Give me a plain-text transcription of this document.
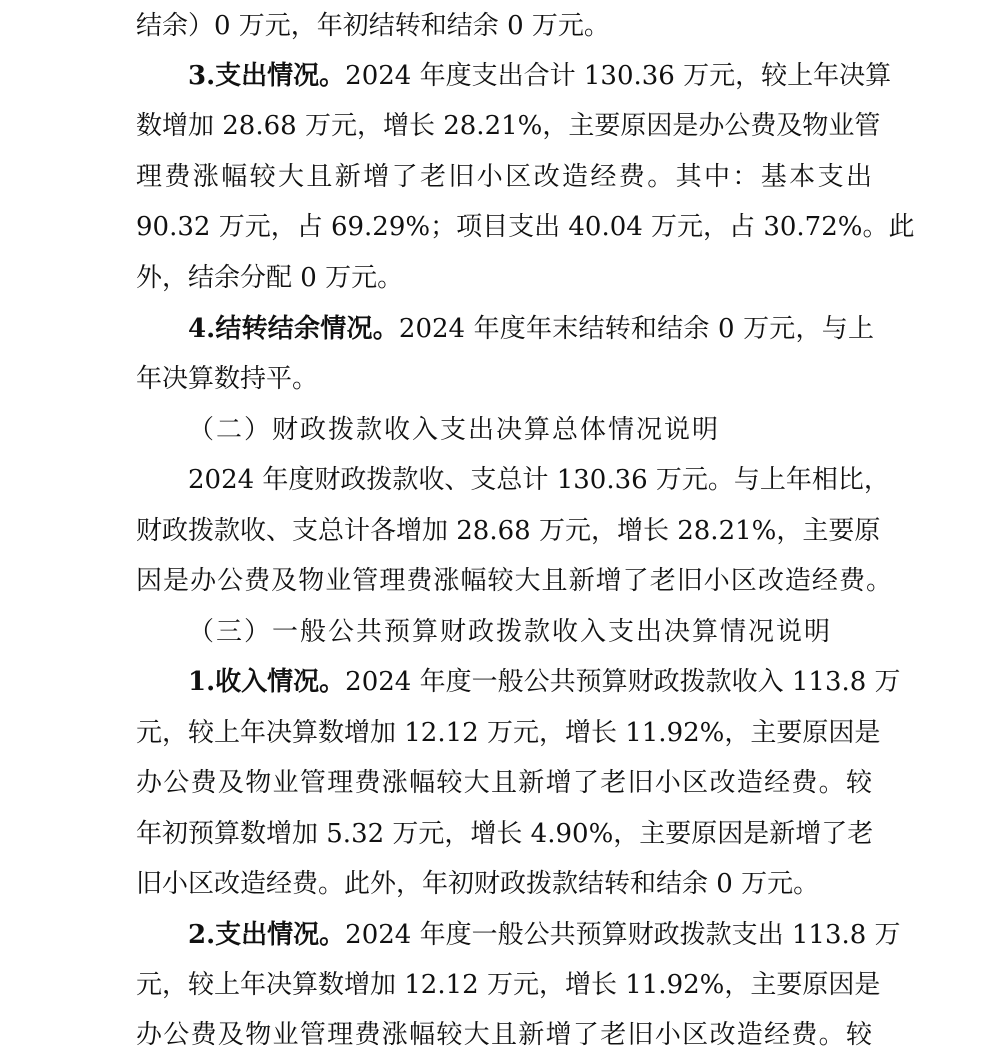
结余）0 万元，年初结转和结余 0 万元。
3.支出情况。2024 年度支出合计 130.36 万元，较上年决算
数增加 28.68 万元，增长 28.21%，主要原因是办公费及物业管
理费涨幅较大且新增了老旧小区改造经费。其中：基本支出
90.32 万元，占 69.29%；项目支出 40.04 万元，占 30.72%。此
外，结余分配 0 万元。
4.结转结余情况。2024 年度年末结转和结余 0 万元，与上
年决算数持平。
（二）财政拨款收入支出决算总体情况说明
2024 年度财政拨款收、支总计 130.36 万元。与上年相比，
财政拨款收、支总计各增加 28.68 万元，增长 28.21%，主要原
因是办公费及物业管理费涨幅较大且新增了老旧小区改造经费。
（三）一般公共预算财政拨款收入支出决算情况说明
1.收入情况。2024 年度一般公共预算财政拨款收入 113.8 万
元，较上年决算数增加 12.12 万元，增长 11.92%，主要原因是
办公费及物业管理费涨幅较大且新增了老旧小区改造经费。较
年初预算数增加 5.32 万元，增长 4.90%，主要原因是新增了老
旧小区改造经费。此外，年初财政拨款结转和结余 0 万元。
2.支出情况。2024 年度一般公共预算财政拨款支出 113.8 万
元，较上年决算数增加 12.12 万元，增长 11.92%，主要原因是
办公费及物业管理费涨幅较大且新增了老旧小区改造经费。较
